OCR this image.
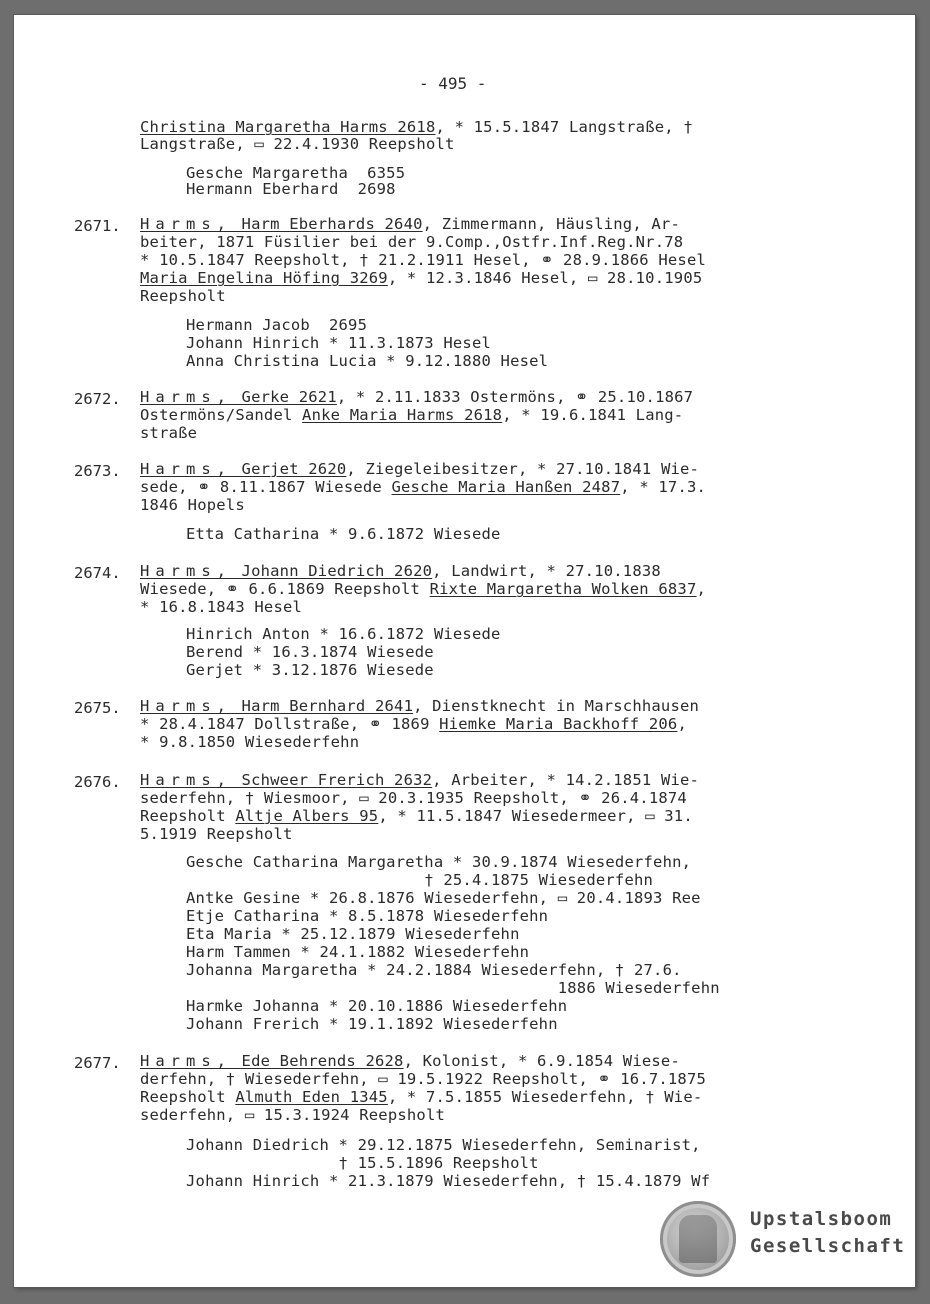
- 495 -
Christina Margaretha Harms 2618, * 15.5.1847 Langstraße, †
Langstraße, ▭ 22.4.1930 Reepsholt
Gesche Margaretha  6355
Hermann Eberhard  2698
2671. Harms, Harm Eberhards 2640, Zimmermann, Häusling, Ar-
beiter, 1871 Füsilier bei der 9.Comp.,Ostfr.Inf.Reg.Nr.78
* 10.5.1847 Reepsholt, † 21.2.1911 Hesel, ⚭ 28.9.1866 Hesel
Maria Engelina Höfing 3269, * 12.3.1846 Hesel, ▭ 28.10.1905
Reepsholt
Hermann Jacob  2695
Johann Hinrich * 11.3.1873 Hesel
Anna Christina Lucia * 9.12.1880 Hesel
2672. Harms, Gerke 2621, * 2.11.1833 Ostermöns, ⚭ 25.10.1867
Ostermöns/Sandel Anke Maria Harms 2618, * 19.6.1841 Lang-
straße
2673. Harms, Gerjet 2620, Ziegeleibesitzer, * 27.10.1841 Wie-
sede, ⚭ 8.11.1867 Wiesede Gesche Maria Hanßen 2487, * 17.3.
1846 Hopels
Etta Catharina * 9.6.1872 Wiesede
2674. Harms, Johann Diedrich 2620, Landwirt, * 27.10.1838
Wiesede, ⚭ 6.6.1869 Reepsholt Rixte Margaretha Wolken 6837,
* 16.8.1843 Hesel
Hinrich Anton * 16.6.1872 Wiesede
Berend * 16.3.1874 Wiesede
Gerjet * 3.12.1876 Wiesede
2675. Harms, Harm Bernhard 2641, Dienstknecht in Marschhausen
* 28.4.1847 Dollstraße, ⚭ 1869 Hiemke Maria Backhoff 206,
* 9.8.1850 Wiesederfehn
2676. Harms, Schweer Frerich 2632, Arbeiter, * 14.2.1851 Wie-
sederfehn, † Wiesmoor, ▭ 20.3.1935 Reepsholt, ⚭ 26.4.1874
Reepsholt Altje Albers 95, * 11.5.1847 Wiesedermeer, ▭ 31.
5.1919 Reepsholt
Gesche Catharina Margaretha * 30.9.1874 Wiesederfehn,
† 25.4.1875 Wiesederfehn
Antke Gesine * 26.8.1876 Wiesederfehn, ▭ 20.4.1893 Ree
Etje Catharina * 8.5.1878 Wiesederfehn
Eta Maria * 25.12.1879 Wiesederfehn
Harm Tammen * 24.1.1882 Wiesederfehn
Johanna Margaretha * 24.2.1884 Wiesederfehn, † 27.6.
1886 Wiesederfehn
Harmke Johanna * 20.10.1886 Wiesederfehn
Johann Frerich * 19.1.1892 Wiesederfehn
2677. Harms, Ede Behrends 2628, Kolonist, * 6.9.1854 Wiese-
derfehn, † Wiesederfehn, ▭ 19.5.1922 Reepsholt, ⚭ 16.7.1875
Reepsholt Almuth Eden 1345, * 7.5.1855 Wiesederfehn, † Wie-
sederfehn, ▭ 15.3.1924 Reepsholt
Johann Diedrich * 29.12.1875 Wiesederfehn, Seminarist,
† 15.5.1896 Reepsholt
Johann Hinrich * 21.3.1879 Wiesederfehn, † 15.4.1879 Wf
Upstalsboom
Gesellschaft
